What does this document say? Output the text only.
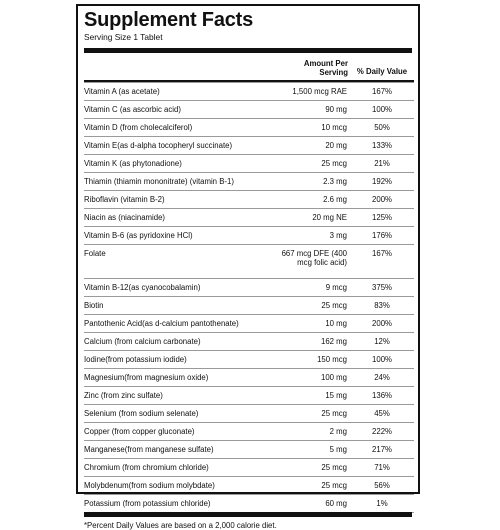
Supplement Facts
Serving Size 1 Tablet
	Amount Per Serving	% Daily Value

Vitamin A (as acetate)	1,500 mcg RAE	167%

Vitamin C (as ascorbic acid)	90 mg	100%

Vitamin D (from cholecalciferol)	10 mcg	50%

Vitamin E(as d-alpha tocopheryl succinate)	20 mg	133%

Vitamin K (as phytonadione)	25 mcg	21%

Thiamin (thiamin mononitrate) (vitamin B-1)	2.3 mg	192%

Riboflavin (vitamin B-2)	2.6 mg	200%

Niacin as (niacinamide)	20 mg NE	125%

Vitamin B-6 (as pyridoxine HCl)	3 mg	176%

Folate	667 mcg DFE (400 mcg folic acid)	167%

Vitamin B-12(as cyanocobalamin)	9 mcg	375%

Biotin	25 mcg	83%

Pantothenic Acid(as d-calcium pantothenate)	10 mg	200%

Calcium (from calcium carbonate)	162 mg	12%

Iodine(from potassium iodide)	150 mcg	100%

Magnesium(from magnesium oxide)	100 mg	24%

Zinc (from zinc sulfate)	15 mg	136%

Selenium (from sodium selenate)	25 mcg	45%

Copper (from copper gluconate)	2 mg	222%

Manganese(from manganese sulfate)	5 mg	217%

Chromium (from chromium chloride)	25 mcg	71%

Molybdenum(from sodium molybdate)	25 mcg	56%

Potassium (from potassium chloride)	60 mg	1%
*Percent Daily Values are based on a 2,000 calorie diet.
